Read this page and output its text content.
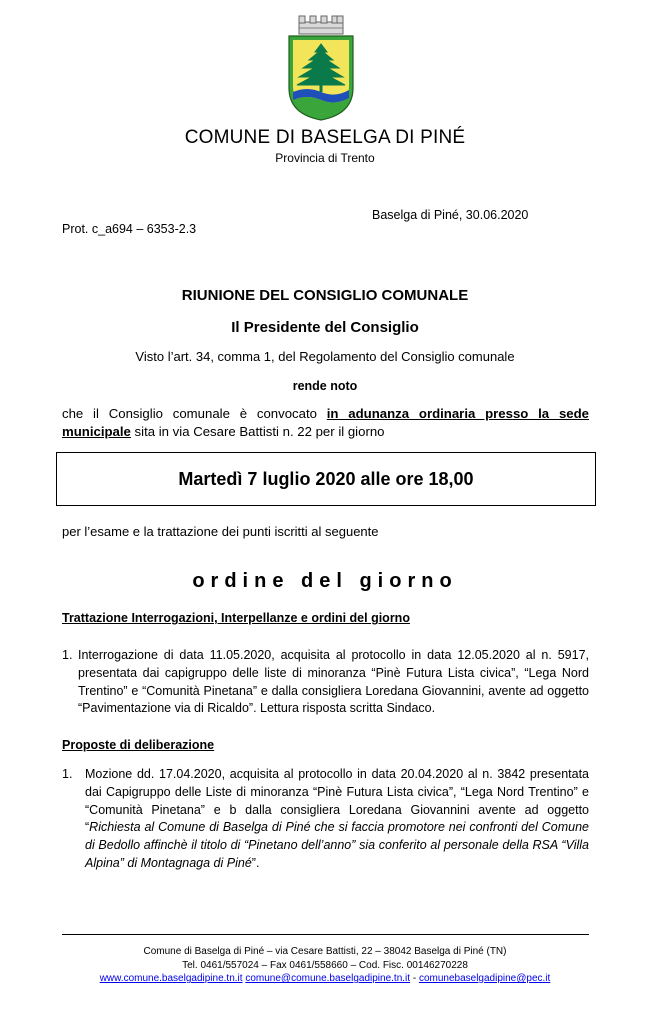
COMUNE DI BASELGA DI PINÉ
Provincia di Trento
Baselga di Piné, 30.06.2020
Prot. c_a694 – 6353-2.3
RIUNIONE DEL CONSIGLIO COMUNALE
Il Presidente del Consiglio
Visto l’art. 34, comma 1, del Regolamento del Consiglio comunale
rende noto
che il Consiglio comunale è convocato in adunanza ordinaria presso la sede municipale sita in via Cesare Battisti n. 22 per il giorno
Martedì 7 luglio 2020 alle ore 18,00
per l’esame e la trattazione dei punti iscritti al seguente
ordine del giorno
Trattazione Interrogazioni, Interpellanze e ordini del giorno
1. Interrogazione di data 11.05.2020, acquisita al protocollo in data 12.05.2020 al n. 5917, presentata dai capigruppo delle liste di minoranza “Pinè Futura Lista civica”, “Lega Nord Trentino” e “Comunità Pinetana” e dalla consigliera Loredana Giovannini, avente ad oggetto “Pavimentazione via di Ricaldo”. Lettura risposta scritta Sindaco.
Proposte di deliberazione
1. Mozione dd. 17.04.2020, acquisita al protocollo in data 20.04.2020 al n. 3842 presentata dai Capigruppo delle Liste di minoranza “Pinè Futura Lista civica”, “Lega Nord Trentino” e “Comunità Pinetana” e b dalla consigliera Loredana Giovannini avente ad oggetto “Richiesta al Comune di Baselga di Piné che si faccia promotore nei confronti del Comune di Bedollo affinchè il titolo di “Pinetano dell’anno” sia conferito al personale della RSA “Villa Alpina” di Montagnaga di Piné”.
Comune di Baselga di Piné – via Cesare Battisti, 22 – 38042 Baselga di Piné (TN)
Tel. 0461/557024 – Fax 0461/558660 – Cod. Fisc. 00146270228
www.comune.baselgadipine.tn.it comune@comune.baselgadipine.tn.it - comunebaselgadipine@pec.it
